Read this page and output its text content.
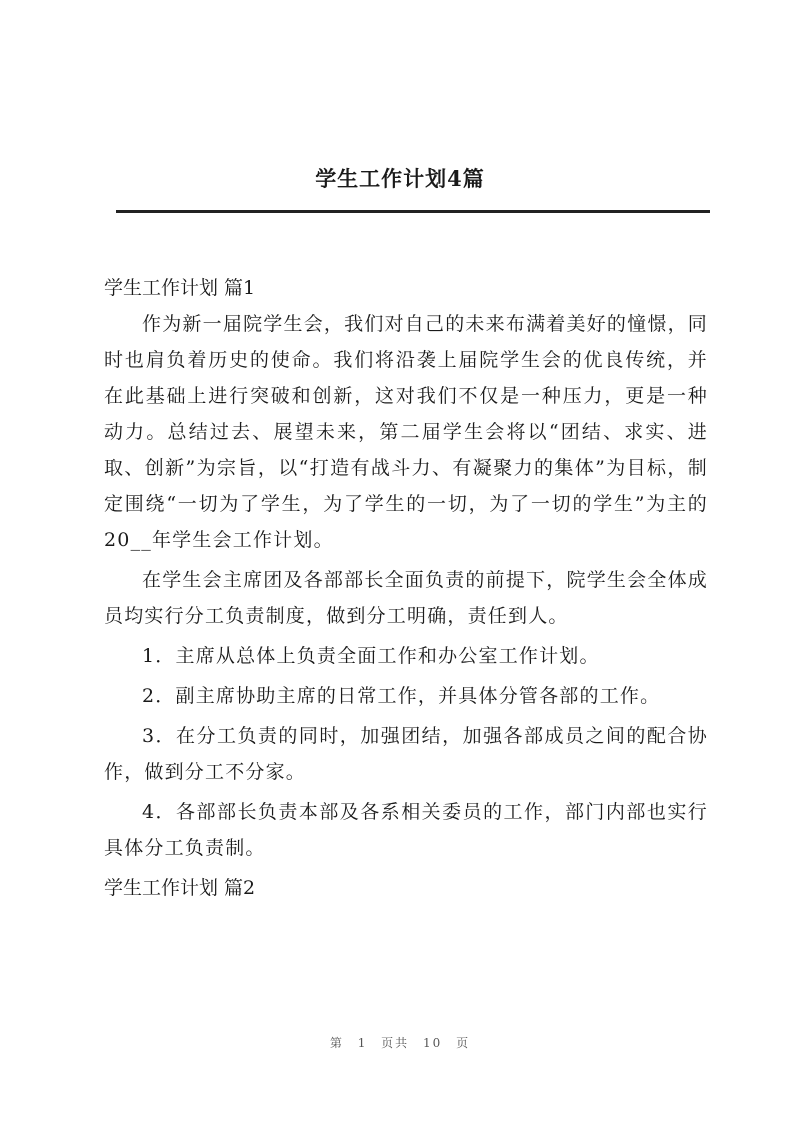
学生工作计划4篇

学生工作计划 篇1

作为新一届院学生会，我们对自己的未来布满着美好的憧憬，同时也肩负着历史的使命。我们将沿袭上届院学生会的优良传统，并在此基础上进行突破和创新，这对我们不仅是一种压力，更是一种动力。总结过去、展望未来，第二届学生会将以“团结、求实、进取、创新”为宗旨，以“打造有战斗力、有凝聚力的集体”为目标，制定围绕“一切为了学生，为了学生的一切，为了一切的学生”为主的20__年学生会工作计划。

在学生会主席团及各部部长全面负责的前提下，院学生会全体成员均实行分工负责制度，做到分工明确，责任到人。

1．主席从总体上负责全面工作和办公室工作计划。

2．副主席协助主席的日常工作，并具体分管各部的工作。

3．在分工负责的同时，加强团结，加强各部成员之间的配合协作，做到分工不分家。

4．各部部长负责本部及各系相关委员的工作，部门内部也实行具体分工负责制。

学生工作计划 篇2

第 1 页共 10 页
